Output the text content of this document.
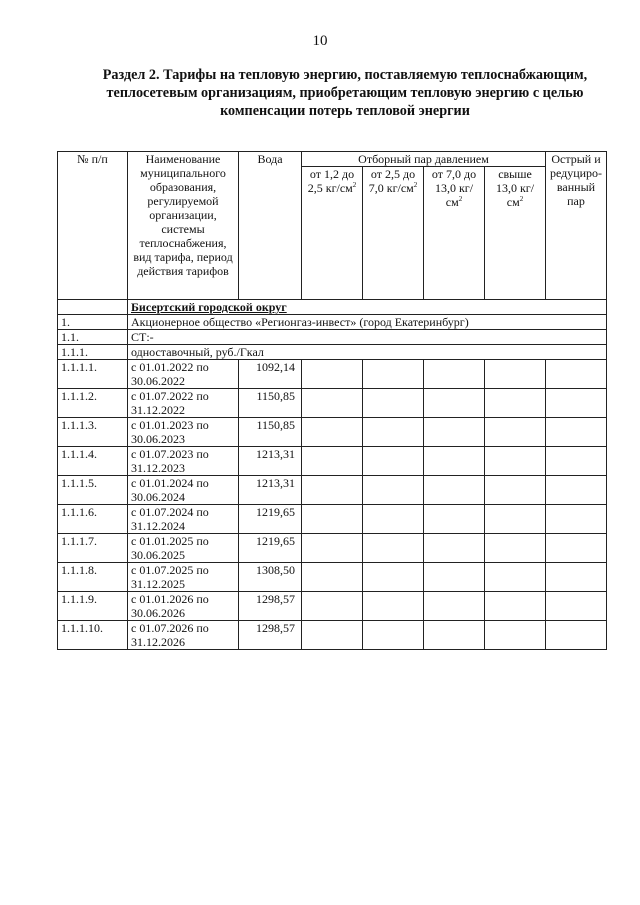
10
Раздел 2. Тарифы на тепловую энергию, поставляемую теплоснабжающим, теплосетевым организациям, приобретающим тепловую энергию с целью компенсации потерь тепловой энергии
№ п/п	Наименование муниципального образования, регулируемой организации, системы теплоснабжения, вид тарифа, период действия тарифов	Вода	Отборный пар давлением				Острый и редуциро-ванный пар
			от 1,2 до 2,5 $кг/см^2$	от 2,5 до 7,0 $кг/см^2$	от 7,0 до 13,0 $кг/см^2$	свыше 13,0 $кг/см^2$
	Бисертский городской округ						
1.	Акционерное общество «Регионгаз-инвест» (город Екатеринбург)						
1.1.	СТ:-						
1.1.1.	одноставочный, руб./Гкал						
1.1.1.1.	с 01.01.2022 по 30.06.2022	1092,14					
1.1.1.2.	с 01.07.2022 по 31.12.2022	1150,85					
1.1.1.3.	с 01.01.2023 по 30.06.2023	1150,85					
1.1.1.4.	с 01.07.2023 по 31.12.2023	1213,31					
1.1.1.5.	с 01.01.2024 по 30.06.2024	1213,31					
1.1.1.6.	с 01.07.2024 по 31.12.2024	1219,65					
1.1.1.7.	с 01.01.2025 по 30.06.2025	1219,65					
1.1.1.8.	с 01.07.2025 по 31.12.2025	1308,50					
1.1.1.9.	с 01.01.2026 по 30.06.2026	1298,57					
1.1.1.10.	с 01.07.2026 по 31.12.2026	1298,57					
